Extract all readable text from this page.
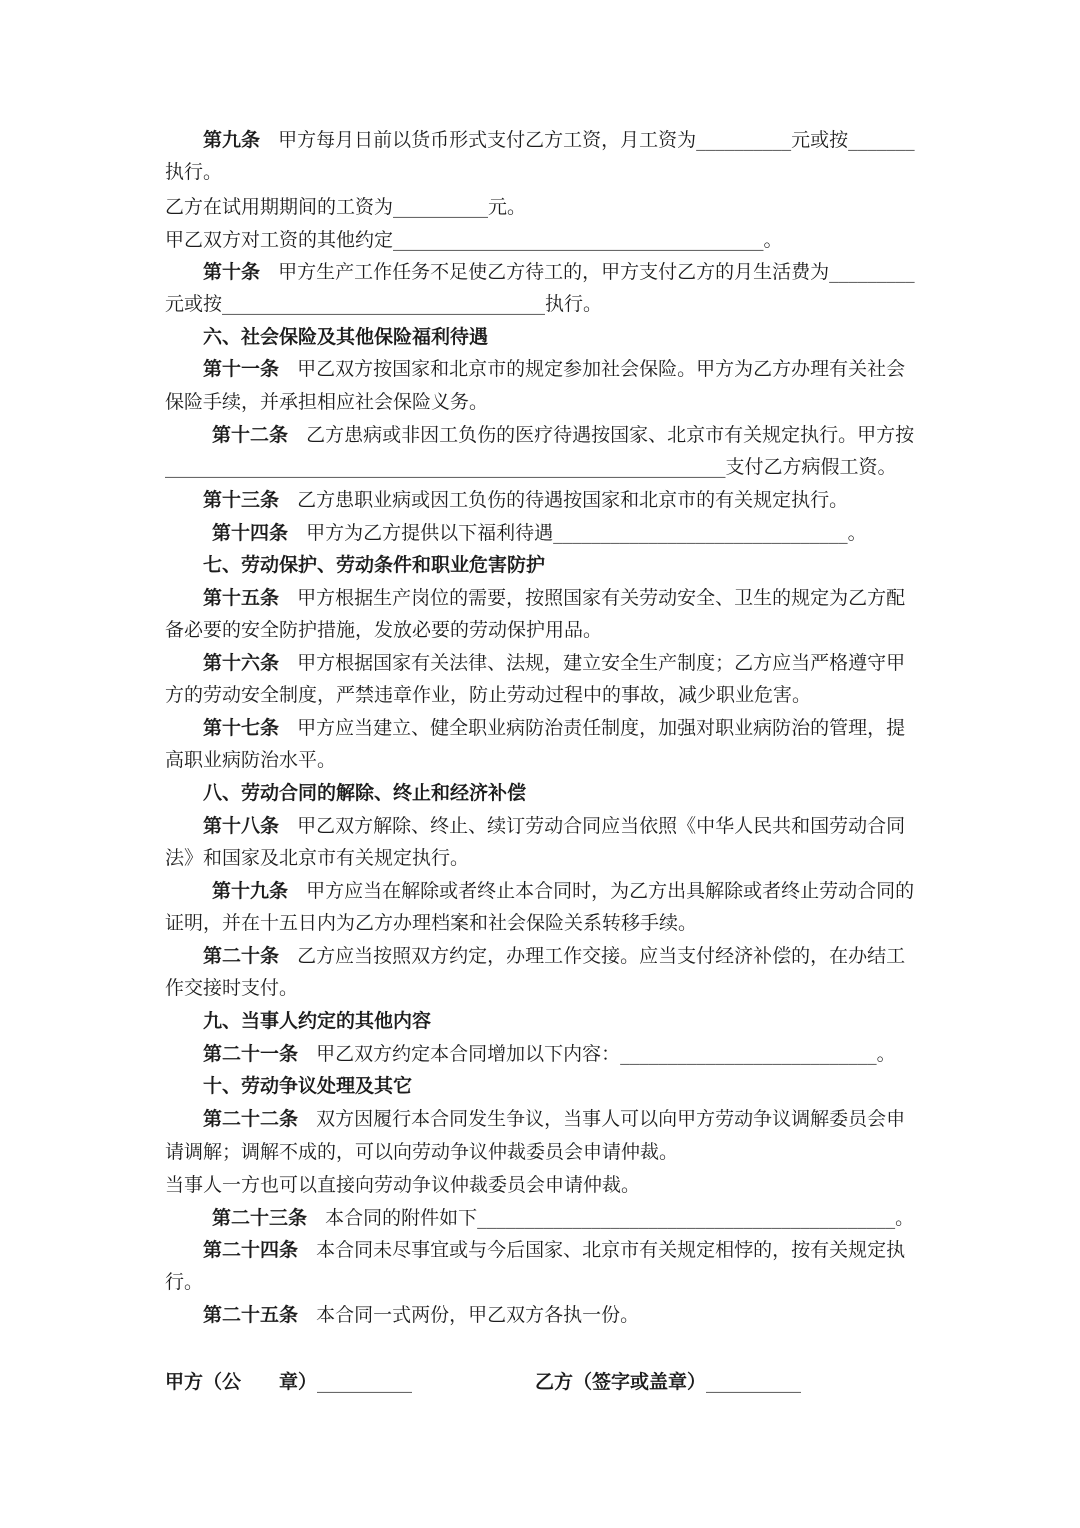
第九条 甲方每月日前以货币形式支付乙方工资，月工资为__________元或按_______
执行。
乙方在试用期期间的工资为__________元。
甲乙双方对工资的其他约定_______________________________________。
第十条 甲方生产工作任务不足使乙方待工的，甲方支付乙方的月生活费为_________
元或按__________________________________执行。
六、社会保险及其他保险福利待遇
第十一条 甲乙双方按国家和北京市的规定参加社会保险。甲方为乙方办理有关社会
保险手续，并承担相应社会保险义务。
第十二条 乙方患病或非因工负伤的医疗待遇按国家、北京市有关规定执行。甲方按
___________________________________________________________支付乙方病假工资。
第十三条 乙方患职业病或因工负伤的待遇按国家和北京市的有关规定执行。
第十四条 甲方为乙方提供以下福利待遇_______________________________。
七、劳动保护、劳动条件和职业危害防护
第十五条 甲方根据生产岗位的需要，按照国家有关劳动安全、卫生的规定为乙方配
备必要的安全防护措施，发放必要的劳动保护用品。
第十六条 甲方根据国家有关法律、法规，建立安全生产制度；乙方应当严格遵守甲
方的劳动安全制度，严禁违章作业，防止劳动过程中的事故，减少职业危害。
第十七条 甲方应当建立、健全职业病防治责任制度，加强对职业病防治的管理，提
高职业病防治水平。
八、劳动合同的解除、终止和经济补偿
第十八条 甲乙双方解除、终止、续订劳动合同应当依照《中华人民共和国劳动合同
法》和国家及北京市有关规定执行。
第十九条 甲方应当在解除或者终止本合同时，为乙方出具解除或者终止劳动合同的
证明，并在十五日内为乙方办理档案和社会保险关系转移手续。
第二十条 乙方应当按照双方约定，办理工作交接。应当支付经济补偿的，在办结工
作交接时支付。
九、当事人约定的其他内容
第二十一条 甲乙双方约定本合同增加以下内容：___________________________。
十、劳动争议处理及其它
第二十二条 双方因履行本合同发生争议，当事人可以向甲方劳动争议调解委员会申
请调解；调解不成的，可以向劳动争议仲裁委员会申请仲裁。
当事人一方也可以直接向劳动争议仲裁委员会申请仲裁。
第二十三条 本合同的附件如下____________________________________________。
第二十四条 本合同未尽事宜或与今后国家、北京市有关规定相悖的，按有关规定执
行。
第二十五条 本合同一式两份，甲乙双方各执一份。
甲方（公　　章）__________	乙方（签字或盖章）__________
